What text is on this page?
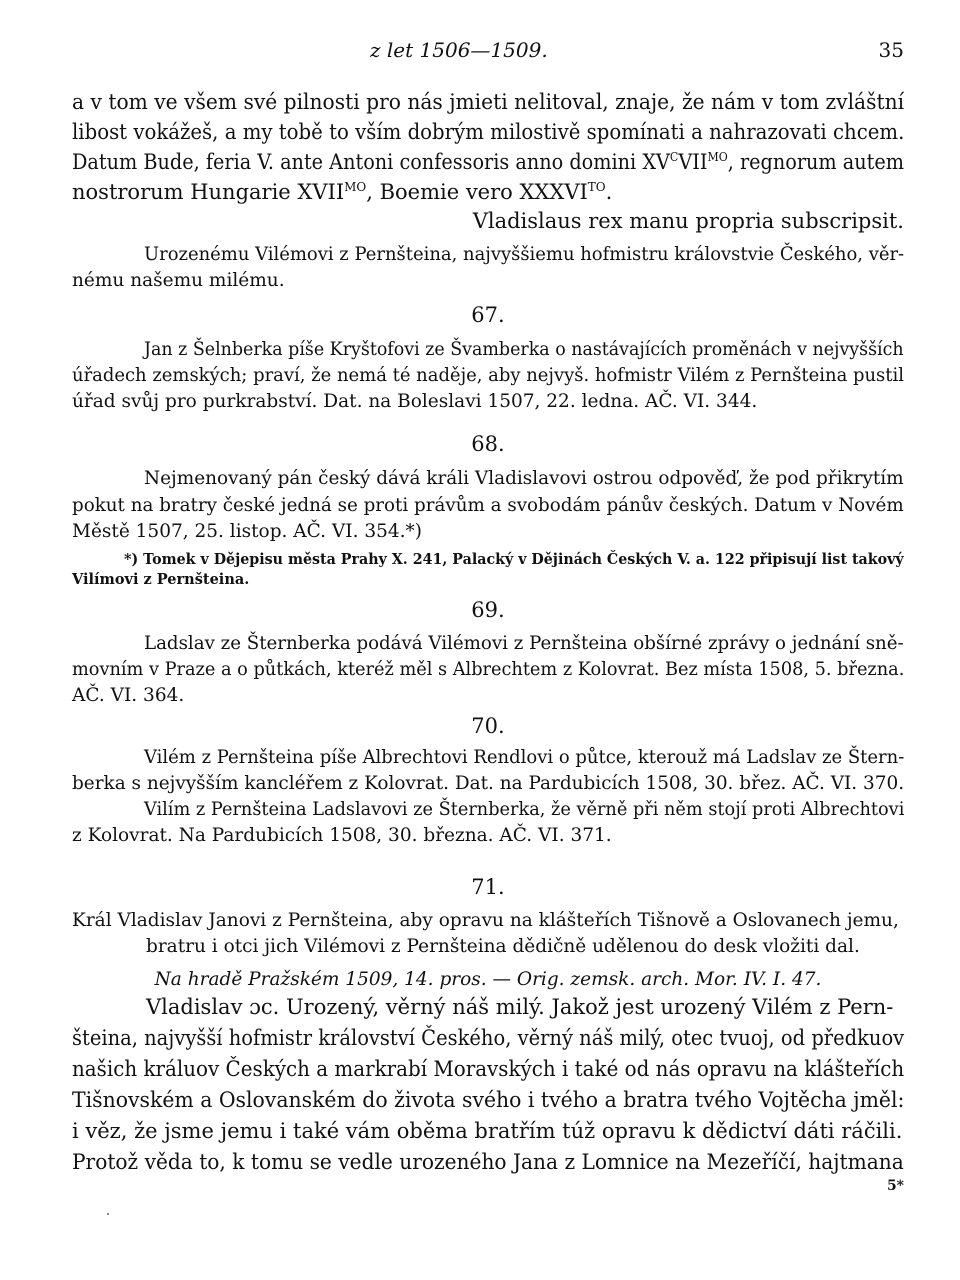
z let 1506—1509.	35
a v tom ve všem své pilnosti pro nás jmieti nelitoval, znaje, že nám v tom zvláštní
libost vokážeš, a my tobě to vším dobrým milostivě spomínati a nahrazovati chcem.
Datum Bude, feria V. ante Antoni confessoris anno domini $XV^CVII^{MO}$, regnorum autem
nostrorum Hungarie $XVII^{MO}$, Boemie vero $XXXVI^{TO}$.
Vladislaus rex manu propria subscripsit.
Urozenému Vilémovi z Pernšteina, najvyššiemu hofmistru královstvie Českého, věr-
nému našemu milému.
67.
Jan z Šelnberka píše Kryštofovi ze Švamberka o nastávajících proměnách v nejvyšších
úřadech zemských; praví, že nemá té naděje, aby nejvyš. hofmistr Vilém z Pernšteina pustil
úřad svůj pro purkrabství. Dat. na Boleslavi 1507, 22. ledna. AČ. VI. 344.
68.
Nejmenovaný pán český dává králi Vladislavovi ostrou odpověď, že pod přikrytím
pokut na bratry české jedná se proti právům a svobodám pánův českých. Datum v Novém
Městě 1507, 25. listop. AČ. VI. 354.*)
*) Tomek v Dějepisu města Prahy X. 241, Palacký v Dějinách Českých V. a. 122 připisují list takový
Vilímovi z Pernšteina.
69.
Ladslav ze Šternberka podává Vilémovi z Pernšteina obšírné zprávy o jednání sně-
movním v Praze a o půtkách, kteréž měl s Albrechtem z Kolovrat. Bez místa 1508, 5. března.
AČ. VI. 364.
70.
Vilém z Pernšteina píše Albrechtovi Rendlovi o půtce, kterouž má Ladslav ze Štern-
berka s nejvyšším kancléřem z Kolovrat. Dat. na Pardubicích 1508, 30. břez. AČ. VI. 370.
Vilím z Pernšteina Ladslavovi ze Šternberka, že věrně při něm stojí proti Albrechtovi
z Kolovrat. Na Pardubicích 1508, 30. března. AČ. VI. 371.
71.
Král Vladislav Janovi z Pernšteina, aby opravu na klášteřích Tišnově a Oslovanech jemu,
bratru i otci jich Vilémovi z Pernšteina dědičně udělenou do desk vložiti dal.
Na hradě Pražském 1509, 14. pros. — Orig. zemsk. arch. Mor. IV. I. 47.
Vladislav ɔc. Urozený, věrný náš milý. Jakož jest urozený Vilém z Pern-
šteina, najvyšší hofmistr království Českého, věrný náš milý, otec tvuoj, od předkuov
našich králuov Českých a markrabí Moravských i také od nás opravu na klášteřích
Tišnovském a Oslovanském do života svého i tvého a bratra tvého Vojtěcha jměl:
i věz, že jsme jemu i také vám oběma bratřím túž opravu k dědictví dáti ráčili.
Protož věda to, k tomu se vedle urozeného Jana z Lomnice na Mezeříčí, hajtmana
5*
